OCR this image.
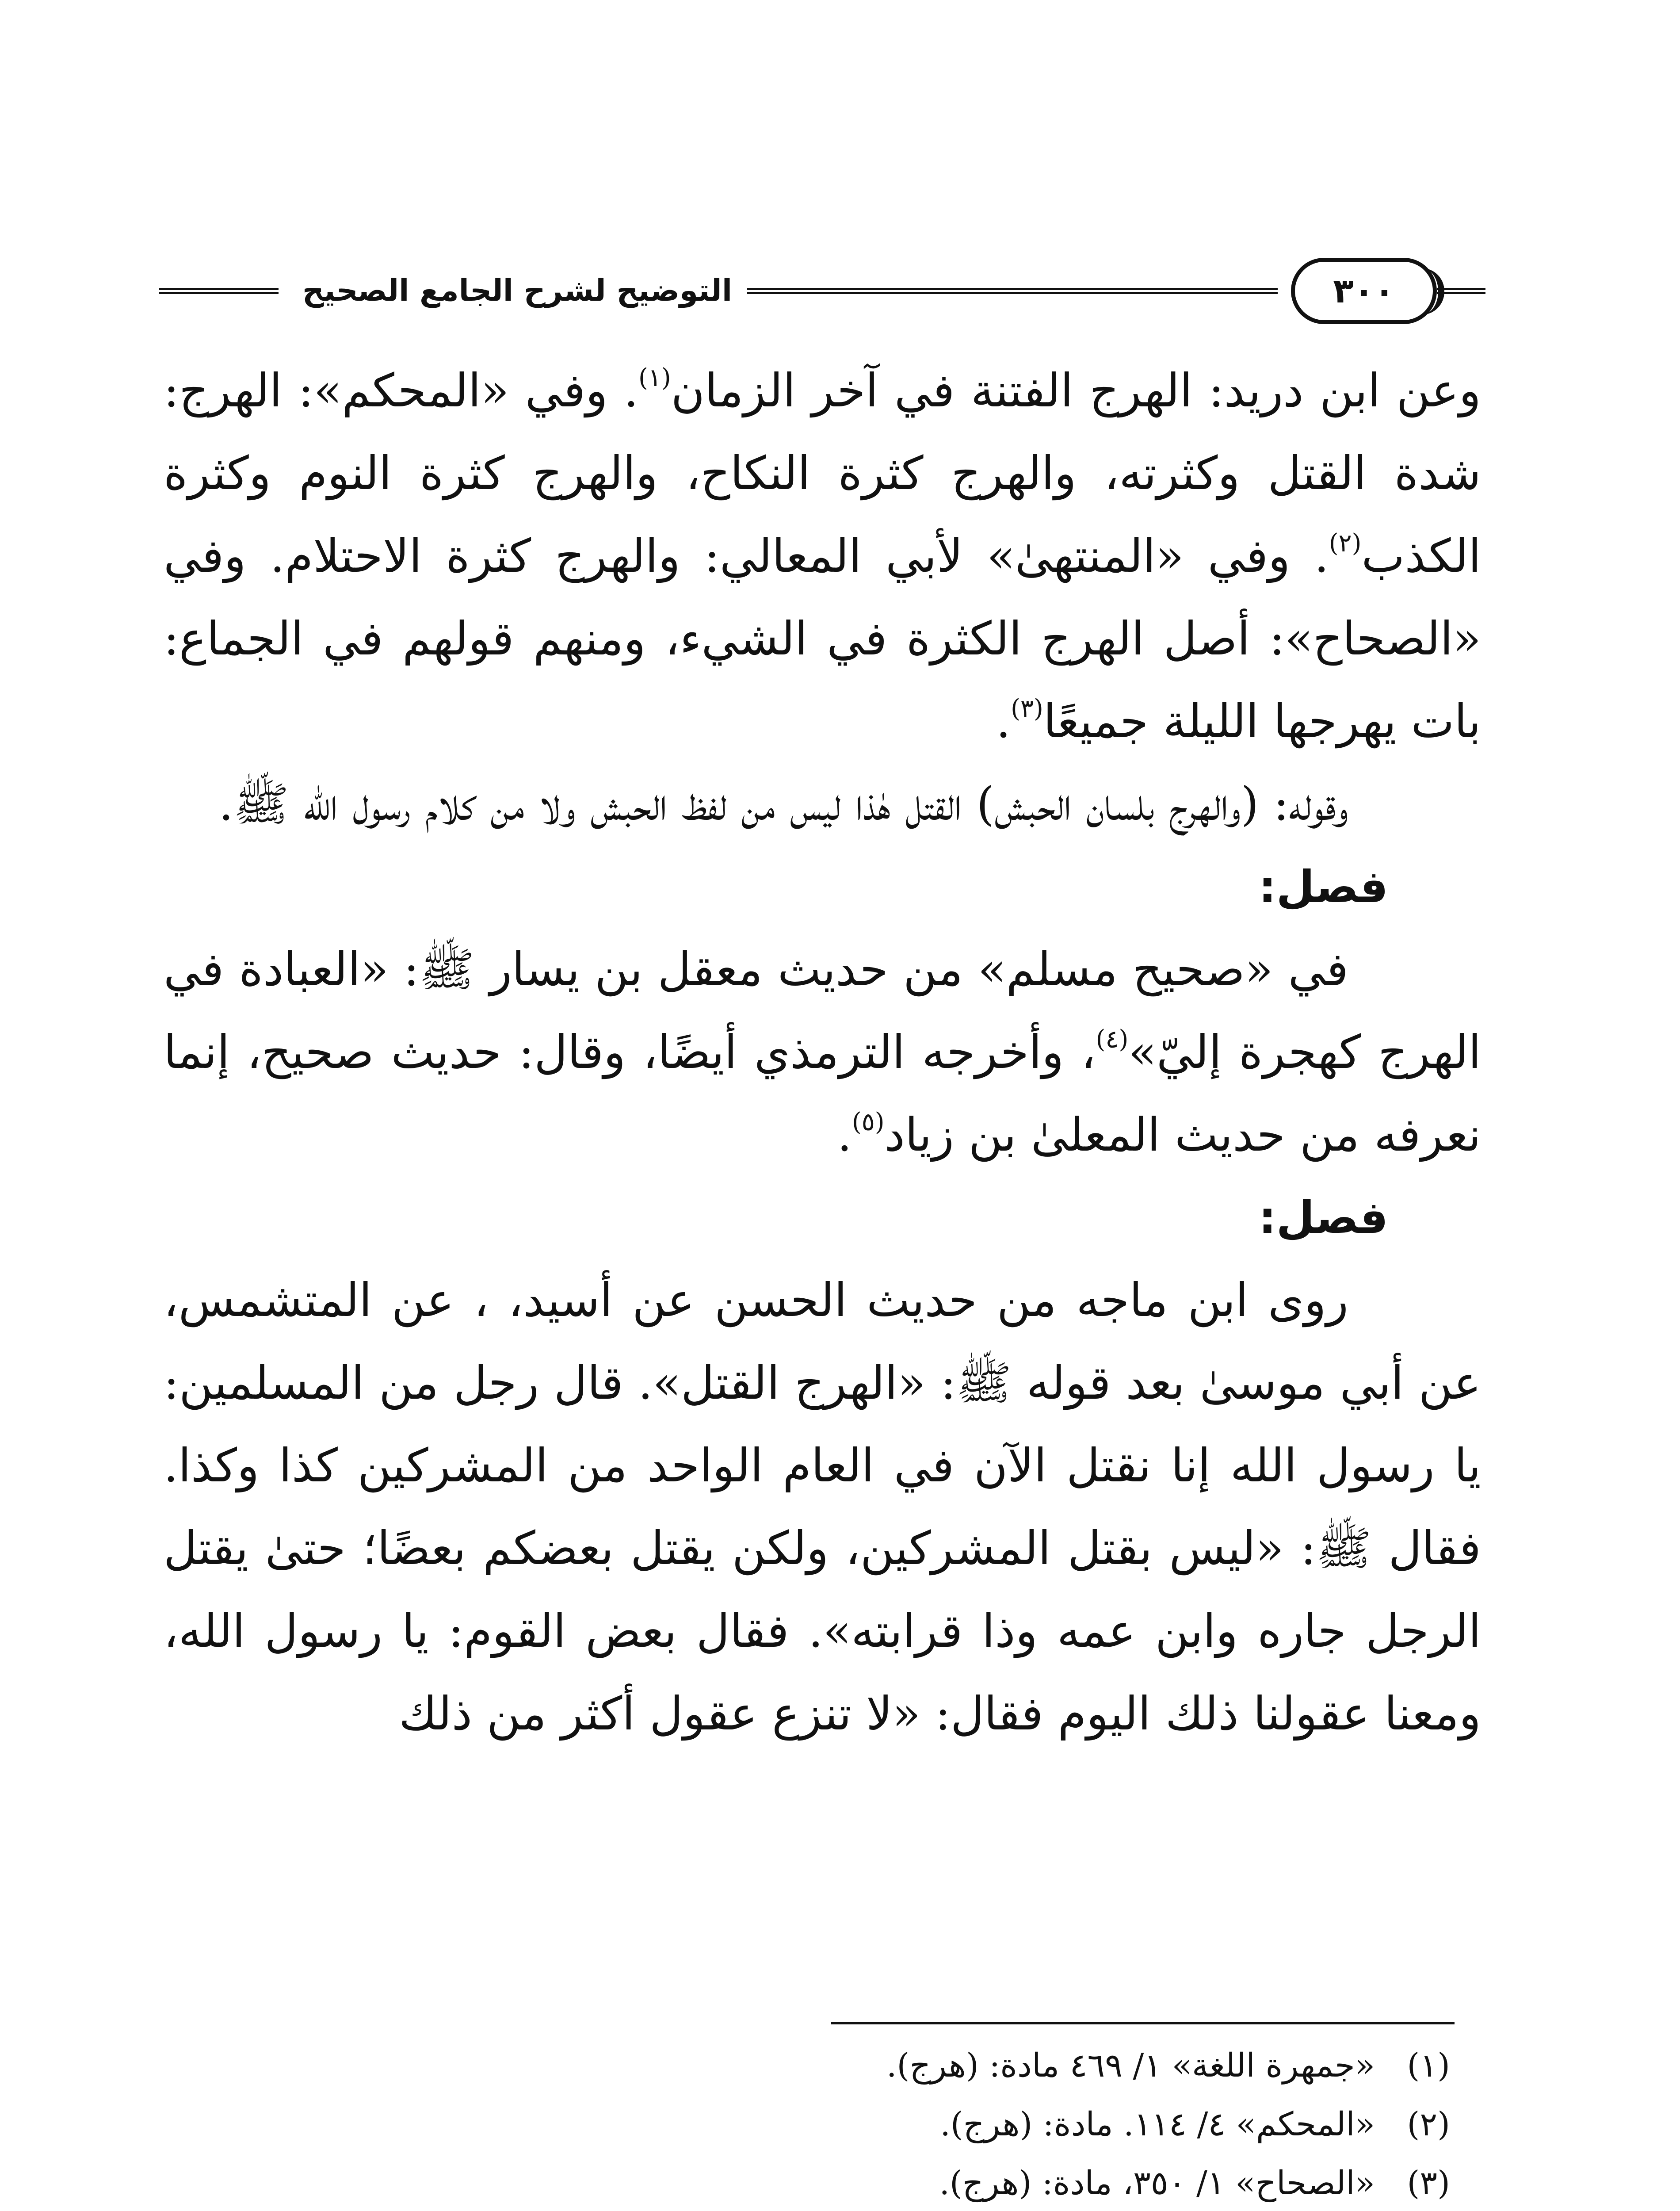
التوضيح لشرح الجامع الصحيح	٣٠٠

وعن ابن دريد: الهرج الفتنة في آخر الزمان$^{(١)}$. وفي «المحكم»: الهرج: شدة القتل وكثرته، والهرج كثرة النكاح، والهرج كثرة النوم وكثرة الكذب$^{(٢)}$. وفي «المنتهىٰ» لأبي المعالي: والهرج كثرة الاحتلام. وفي «الصحاح»: أصل الهرج الكثرة في الشيء، ومنهم قولهم في الجماع: بات يهرجها الليلة جميعًا$^{(٣)}$.

وقوله: (والهرج بلسان الحبش) القتل هٰذا ليس من لفظ الحبش ولا من كلام رسول الله ﷺ.

فصل:

في «صحيح مسلم» من حديث معقل بن يسار ﷺ: «العبادة في الهرج كهجرة إليّ»$^{(٤)}$، وأخرجه الترمذي أيضًا، وقال: حديث صحيح، إنما نعرفه من حديث المعلىٰ بن زياد$^{(٥)}$.

فصل:

روى ابن ماجه من حديث الحسن عن أسيد، ، عن المتشمس، عن أبي موسىٰ بعد قوله ﷺ: «الهرج القتل». قال رجل من المسلمين: يا رسول الله إنا نقتل الآن في العام الواحد من المشركين كذا وكذا. فقال ﷺ: «ليس بقتل المشركين، ولكن يقتل بعضكم بعضًا؛ حتىٰ يقتل الرجل جاره وابن عمه وذا قرابته». فقال بعض القوم: يا رسول الله، ومعنا عقولنا ذلك اليوم فقال: «لا تنزع عقول أكثر من ذلك

(١)«جمهرة اللغة» ١/ ٤٦٩ مادة: (هرج).

(٢)«المحكم» ٤/ ١١٤. مادة: (هرج).

(٣)«الصحاح» ١/ ٣٥٠، مادة: (هرج).
